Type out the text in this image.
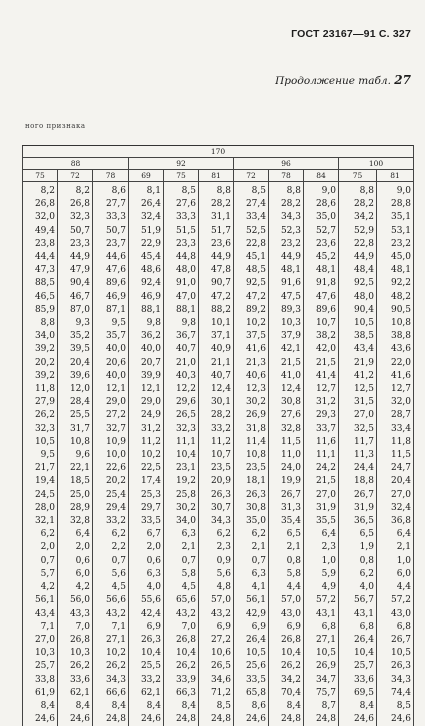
ГОСТ 23167—91 С. 327
Продолжение табл. 27
ного признака
170										
88			92			96			100	
75	72	78	69	75	81	72	78	84	75	81

8,2	8,2	8,6	8,1	8,5	8,8	8,5	8,8	9,0	8,8	9,0
26,8	26,8	27,7	26,4	27,6	28,2	27,4	28,2	28,6	28,2	28,8
32,0	32,3	33,3	32,4	33,3	31,1	33,4	34,3	35,0	34,2	35,1
49,4	50,7	50,7	51,9	51,5	51,7	52,5	52,3	52,7	52,9	53,1
23,8	23,3	23,7	22,9	23,3	23,6	22,8	23,2	23,6	22,8	23,2
44,4	44,9	44,6	45,4	44,8	44,9	45,1	44,9	45,2	44,9	45,0
47,3	47,9	47,6	48,6	48,0	47,8	48,5	48,1	48,1	48,4	48,1
88,5	90,4	89,6	92,4	91,0	90,7	92,5	91,6	91,8	92,5	92,2
46,5	46,7	46,9	46,9	47,0	47,2	47,2	47,5	47,6	48,0	48,2
85,9	87,0	87,1	88,1	88,1	88,2	89,2	89,3	89,6	90,4	90,5
8,8	9,3	9,5	9,8	9,8	10,1	10,2	10,3	10,7	10,5	10,8
34,0	35,2	35,7	36,2	36,7	37,1	37,5	37,9	38,2	38,5	38,8
39,2	39,5	40,0	40,0	40,7	40,9	41,6	42,1	42,0	43,4	43,6
20,2	20,4	20,6	20,7	21,0	21,1	21,3	21,5	21,5	21,9	22,0
39,2	39,6	40,0	39,9	40,3	40,7	40,6	41,0	41,4	41,2	41,6
11,8	12,0	12,1	12,1	12,2	12,4	12,3	12,4	12,7	12,5	12,7
27,9	28,4	29,0	29,0	29,6	30,1	30,2	30,8	31,2	31,5	32,0
26,2	25,5	27,2	24,9	26,5	28,2	26,9	27,6	29,3	27,0	28,7
32,3	31,7	32,7	31,2	32,3	33,2	31,8	32,8	33,7	32,5	33,4
10,5	10,8	10,9	11,2	11,1	11,2	11,4	11,5	11,6	11,7	11,8
9,5	9,6	10,0	10,2	10,4	10,7	10,8	11,0	11,1	11,3	11,5
21,7	22,1	22,6	22,5	23,1	23,5	23,5	24,0	24,2	24,4	24,7
19,4	18,5	20,2	17,4	19,2	20,9	18,1	19,9	21,5	18,8	20,4
24,5	25,0	25,4	25,3	25,8	26,3	26,3	26,7	27,0	26,7	27,0
28,0	28,9	29,4	29,7	30,2	30,7	30,8	31,3	31,9	31,9	32,4
32,1	32,8	33,2	33,5	34,0	34,3	35,0	35,4	35,5	36,5	36,8
6,2	6,4	6,2	6,7	6,3	6,2	6,2	6,5	6,4	6,5	6,4
2,0	2,0	2,2	2,0	2,1	2,3	2,1	2,1	2,3	1,9	2,1
0,7	0,6	0,7	0,6	0,7	0,9	0,7	0,8	1,0	0,8	1,0
5,7	6,0	5,6	6,3	5,8	5,6	6,3	5,8	5,9	6,2	6,0
4,2	4,2	4,5	4,0	4,5	4,8	4,1	4,4	4,9	4,0	4,4
56,1	56,0	56,6	55,6	65,6	57,0	56,1	57,0	57,2	56,7	57,2
43,4	43,3	43,2	42,4	43,2	43,2	42,9	43,0	43,1	43,1	43,0
7,1	7,0	7,1	6,9	7,0	6,9	6,9	6,9	6,8	6,8	6,8
27,0	26,8	27,1	26,3	26,8	27,2	26,4	26,8	27,1	26,4	26,7
10,3	10,3	10,2	10,4	10,4	10,6	10,5	10,4	10,5	10,4	10,5
25,7	26,2	26,2	25,5	26,2	26,5	25,6	26,2	26,9	25,7	26,3
33,8	33,6	34,3	33,2	33,9	34,6	33,5	34,2	34,7	33,6	34,3
61,9	62,1	66,6	62,1	66,3	71,2	65,8	70,4	75,7	69,5	74,4
8,4	8,4	8,4	8,4	8,4	8,5	8,6	8,4	8,7	8,4	8,5
24,6	24,6	24,8	24,6	24,8	24,8	24,6	24,8	24,8	24,6	24,6
